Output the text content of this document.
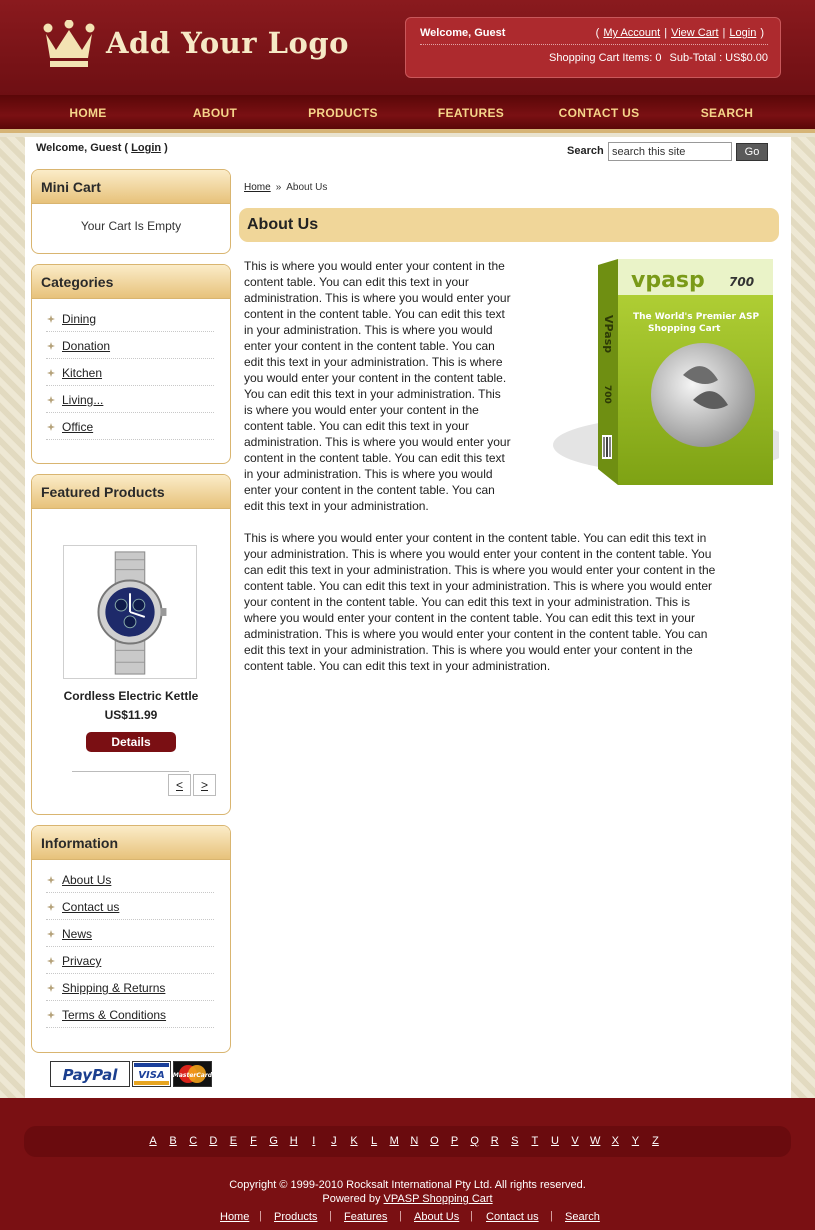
Add Your Logo	Welcome, Guest	( My Account | View Cart | Login )
Shopping Cart Items: 0 Sub-Total : US$0.00
HOME	ABOUT	PRODUCTS	FEATURES	CONTACT US	SEARCH
Welcome, Guest ( Login )	Search
search this site	Go
Mini Cart
Your Cart Is Empty
Categories
Dining
Donation
Kitchen
Living...
Office
Featured Products
Cordless Electric Kettle
US$11.99
Details
<	>
Information
About Us
Contact us
News
Privacy
Shipping & Returns
Terms & Conditions
PayPal VISA MasterCard
Home » About Us
About Us
This is where you would enter your content in the
content table. You can edit this text in your
administration. This is where you would enter your
content in the content table. You can edit this text
in your administration. This is where you would
enter your content in the content table. You can
edit this text in your administration. This is where
you would enter your content in the content table.
You can edit this text in your administration. This
is where you would enter your content in the
content table. You can edit this text in your
administration. This is where you would enter your
content in the content table. You can edit this text
in your administration. This is where you would
enter your content in the content table. You can
edit this text in your administration.
vpasp 700
The World's Premier ASP
Shopping Cart
VPasp
700
This is where you would enter your content in the content table. You can edit this text in
your administration. This is where you would enter your content in the content table. You
can edit this text in your administration. This is where you would enter your content in the
content table. You can edit this text in your administration. This is where you would enter
your content in the content table. You can edit this text in your administration. This is
where you would enter your content in the content table. You can edit this text in your
administration. This is where you would enter your content in the content table. You can
edit this text in your administration. This is where you would enter your content in the
content table. You can edit this text in your administration.
A	B	C D	E	F	G H	I	J	K	L	M N O	P	Q R	S	T	U	V	W	X	Y	Z
Copyright © 1999-2010 Rocksalt International Pty Ltd. All rights reserved.
Powered by VPASP Shopping Cart
Home | Products | Features | About Us | Contact us | Search
